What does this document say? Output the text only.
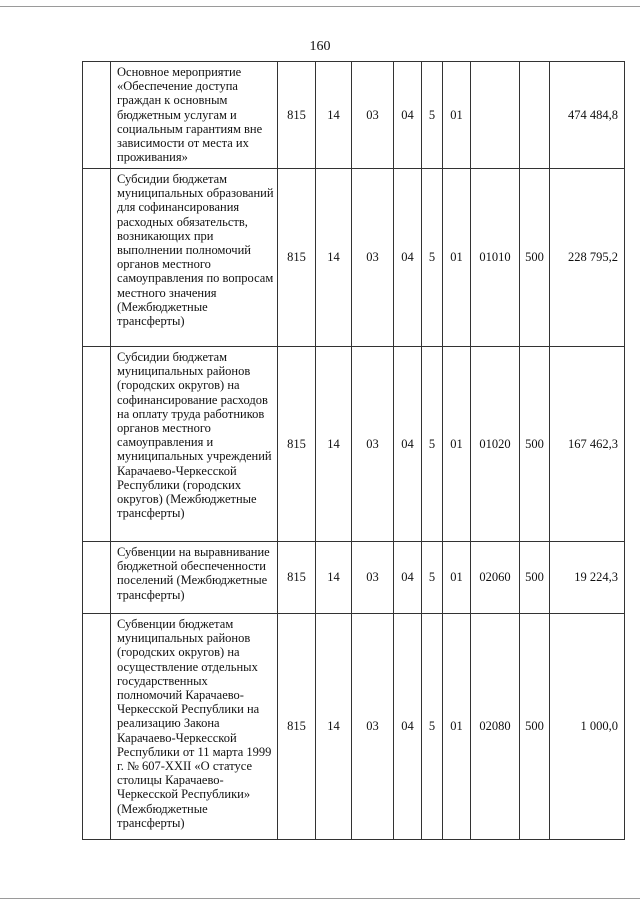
160
	Основное мероприятие «Обеспечение доступа граждан к основным бюджетным услугам и социальным гарантиям вне зависимости от места их проживания»	815	14	03	04	5	01			474 484,8
	Субсидии бюджетам муниципальных образований для софинансирования расходных обязательств, возникающих при выполнении полномочий органов местного самоуправления по вопросам местного значения (Межбюджетные трансферты)	815	14	03	04	5	01	01010	500	228 795,2
	Субсидии бюджетам муниципальных районов (городских округов) на софинансирование расходов на оплату труда работников органов местного самоуправления и муниципальных учреждений Карачаево-Черкесской Республики (городских округов) (Межбюджетные трансферты)	815	14	03	04	5	01	01020	500	167 462,3
	Субвенции на выравнивание бюджетной обеспеченности поселений (Межбюджетные трансферты)	815	14	03	04	5	01	02060	500	19 224,3
	Субвенции бюджетам муниципальных районов (городских округов) на осуществление отдельных государственных полномочий Карачаево-Черкесской Республики на реализацию Закона Карачаево-Черкесской Республики от 11 марта 1999 г. № 607-XXII «О статусе столицы Карачаево-Черкесской Республики» (Межбюджетные трансферты)	815	14	03	04	5	01	02080	500	1 000,0
